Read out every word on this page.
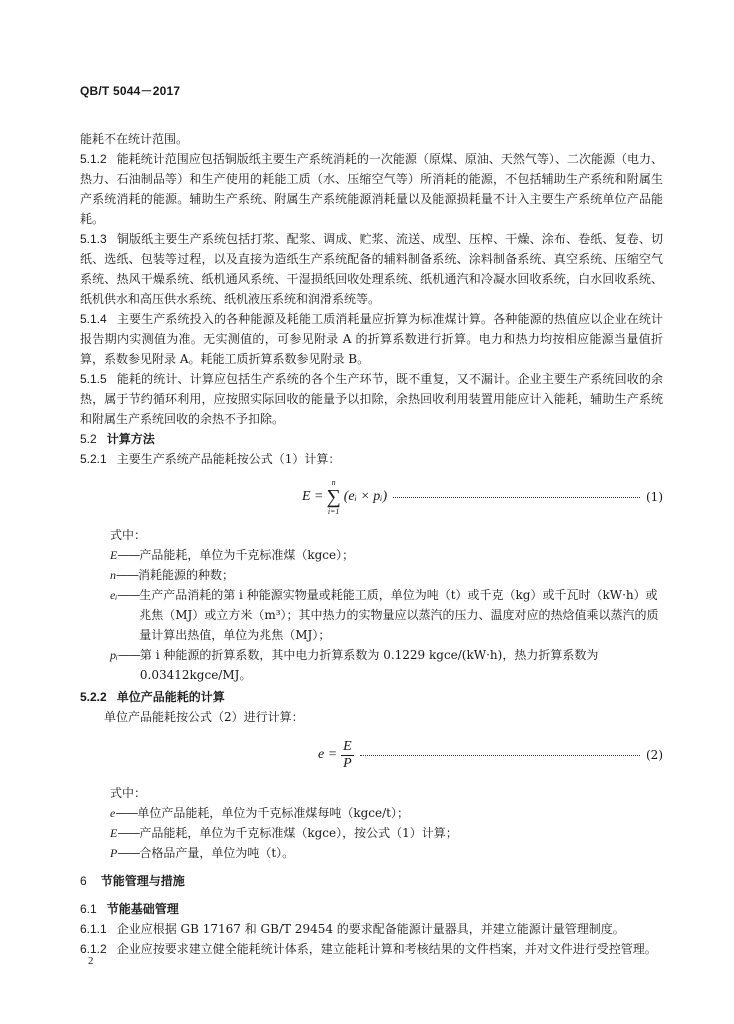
QB/T 5044－2017

能耗不在统计范围。

5.1.2 能耗统计范围应包括铜版纸主要生产系统消耗的一次能源（原煤、原油、天然气等）、二次能源（电力、热力、石油制品等）和生产使用的耗能工质（水、压缩空气等）所消耗的能源，不包括辅助生产系统和附属生产系统消耗的能源。辅助生产系统、附属生产系统能源消耗量以及能源损耗量不计入主要生产系统单位产品能耗。

5.1.3 铜版纸主要生产系统包括打浆、配浆、调成、贮浆、流送、成型、压榨、干燥、涂布、卷纸、复卷、切纸、选纸、包装等过程，以及直接为造纸生产系统配备的辅料制备系统、涂料制备系统、真空系统、压缩空气系统、热风干燥系统、纸机通风系统、干湿损纸回收处理系统、纸机通汽和冷凝水回收系统，白水回收系统、纸机供水和高压供水系统、纸机液压系统和润滑系统等。

5.1.4 主要生产系统投入的各种能源及耗能工质消耗量应折算为标准煤计算。各种能源的热值应以企业在统计报告期内实测值为准。无实测值的，可参见附录 A 的折算系数进行折算。电力和热力均按相应能源当量值折算，系数参见附录 A。耗能工质折算系数参见附录 B。

5.1.5 能耗的统计、计算应包括生产系统的各个生产环节，既不重复，又不漏计。企业主要生产系统回收的余热，属于节约循环利用，应按照实际回收的能量予以扣除，余热回收利用装置用能应计入能耗，辅助生产系统和附属生产系统回收的余热不予扣除。

5.2 计算方法

5.2.1 主要生产系统产品能耗按公式（1）计算：

E =
n
∑
i=1
(eᵢ × pᵢ)	(1)

式中：

E —— 产品能耗，单位为千克标准煤（kgce）；
n —— 消耗能源的种数；
eᵢ —— 生产产品消耗的第 i 种能源实物量或耗能工质，单位为吨（t）或千克（kg）或千瓦时（kW·h）或兆焦（MJ）或立方米（m³）；其中热力的实物量应以蒸汽的压力、温度对应的热焓值乘以蒸汽的质量计算出热值，单位为兆焦（MJ）；
pᵢ —— 第 i 种能源的折算系数，其中电力折算系数为 0.1229 kgce/(kW·h)，热力折算系数为 0.03412kgce/MJ。

5.2.2 单位产品能耗的计算

单位产品能耗按公式（2）进行计算：

$e = \frac{E}{P}$	(2)

式中：

e —— 单位产品能耗，单位为千克标准煤每吨（kgce/t）；
E —— 产品能耗，单位为千克标准煤（kgce），按公式（1）计算；
P —— 合格品产量，单位为吨（t）。

6 节能管理与措施

6.1 节能基础管理

6.1.1 企业应根据 GB 17167 和 GB/T 29454 的要求配备能源计量器具，并建立能源计量管理制度。

6.1.2 企业应按要求建立健全能耗统计体系，建立能耗计算和考核结果的文件档案，并对文件进行受控管理。

2
